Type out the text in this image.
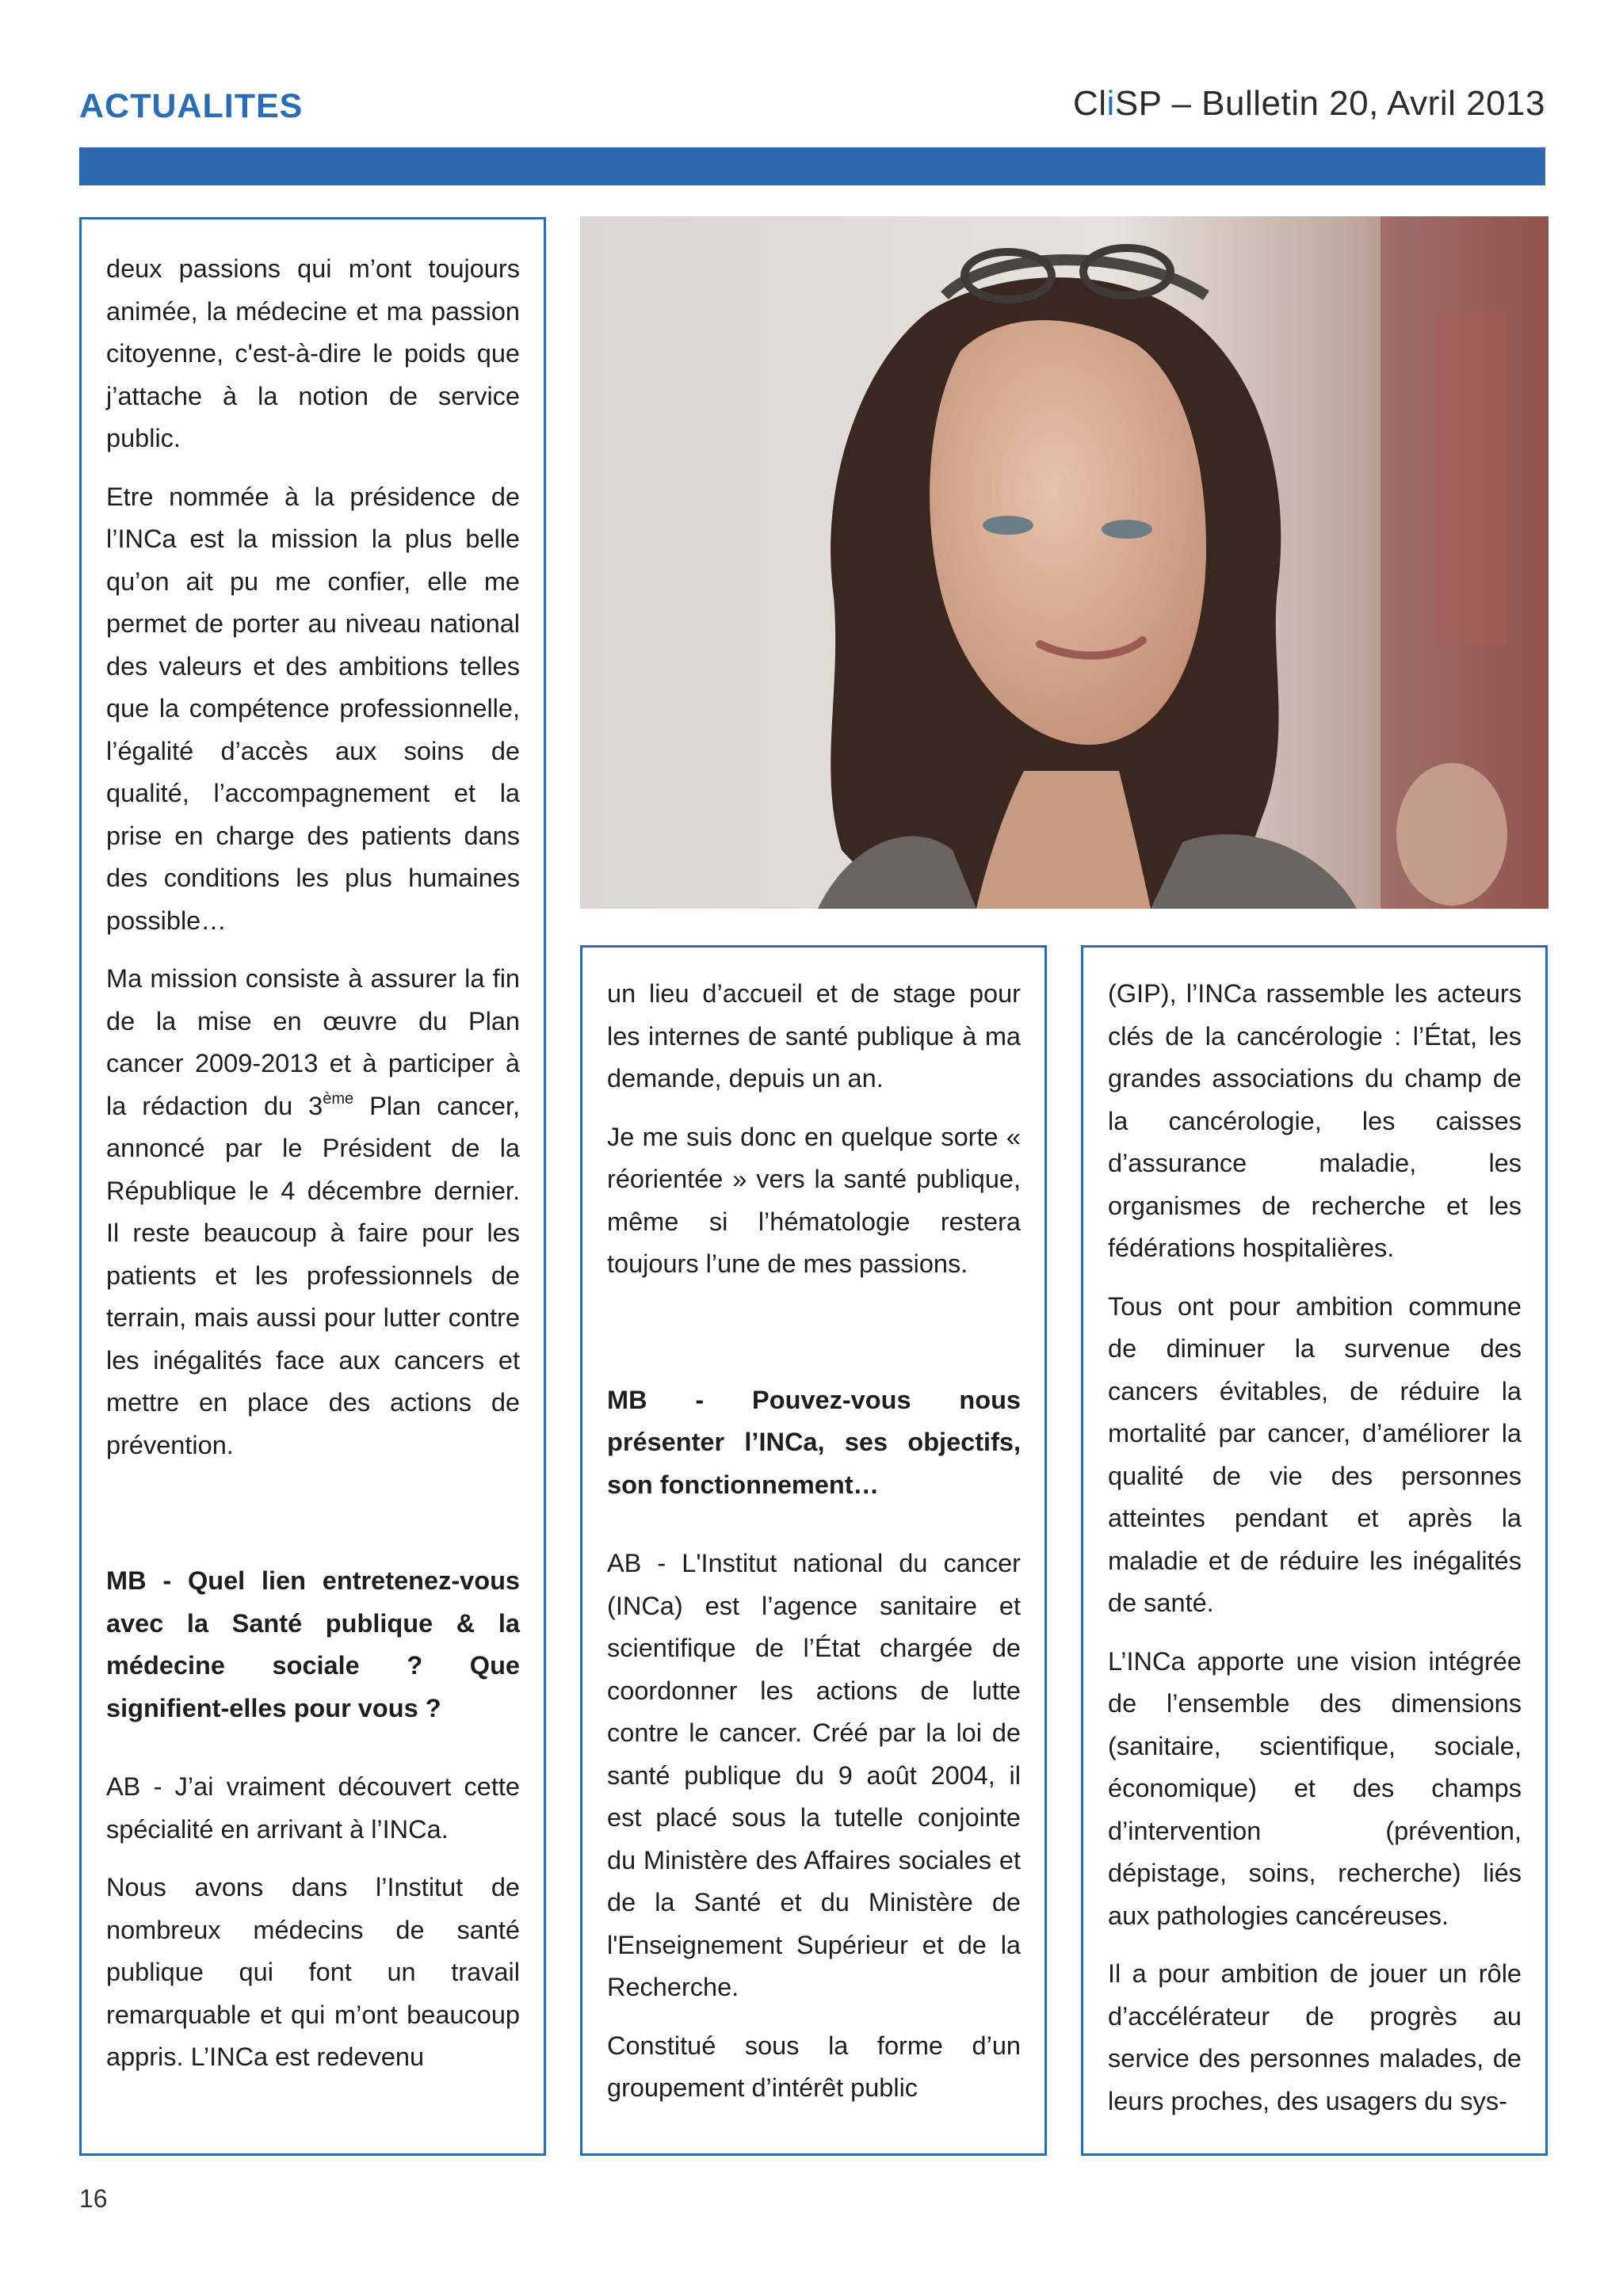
ACTUALITES	CliSP – Bulletin 20, Avril 2013

deux passions qui m’ont toujours animée, la médecine et ma passion citoyenne, c'est-à-dire le poids que j’attache à la notion de service public.

Etre nommée à la présidence de l’INCa est la mission la plus belle qu’on ait pu me confier, elle me permet de porter au niveau national des valeurs et des ambitions telles que la compétence professionnelle, l’égalité d’accès aux soins de qualité, l’accompagnement et la prise en charge des patients dans des conditions les plus humaines possible…

Ma mission consiste à assurer la fin de la mise en œuvre du Plan cancer 2009-2013 et à participer à la rédaction du 3ème Plan cancer, annoncé par le Président de la République le 4 décembre dernier. Il reste beaucoup à faire pour les patients et les professionnels de terrain, mais aussi pour lutter contre les inégalités face aux cancers et mettre en place des actions de prévention.

MB - Quel lien entretenez-vous avec la Santé publique & la médecine sociale ? Que signifient-elles pour vous ?

AB - J’ai vraiment découvert cette spécialité en arrivant à l’INCa.

Nous avons dans l’Institut de nombreux médecins de santé publique qui font un travail remarquable et qui m’ont beaucoup appris. L’INCa est redevenu

un lieu d’accueil et de stage pour les internes de santé publique à ma demande, depuis un an.

Je me suis donc en quelque sorte « réorientée » vers la santé publique, même si l’hématologie restera toujours l’une de mes passions.

MB - Pouvez-vous nous présenter l’INCa, ses objectifs, son fonctionnement…

AB - L'Institut national du cancer (INCa) est l’agence sanitaire et scientifique de l’État chargée de coordonner les actions de lutte contre le cancer. Créé par la loi de santé publique du 9 août 2004, il est placé sous la tutelle conjointe du Ministère des Affaires sociales et de la Santé et du Ministère de l'Enseignement Supérieur et de la Recherche.

Constitué sous la forme d’un groupement d’intérêt public

(GIP), l’INCa rassemble les acteurs clés de la cancérologie : l’État, les grandes associations du champ de la cancérologie, les caisses d’assurance maladie, les organismes de recherche et les fédérations hospitalières.

Tous ont pour ambition commune de diminuer la survenue des cancers évitables, de réduire la mortalité par cancer, d’améliorer la qualité de vie des personnes atteintes pendant et après la maladie et de réduire les inégalités de santé.

L’INCa apporte une vision intégrée de l’ensemble des dimensions (sanitaire, scientifique, sociale, économique) et des champs d’intervention (prévention, dépistage, soins, recherche) liés aux pathologies cancéreuses.

Il a pour ambition de jouer un rôle d’accélérateur de progrès au service des personnes malades, de leurs proches, des usagers du sys-

16
